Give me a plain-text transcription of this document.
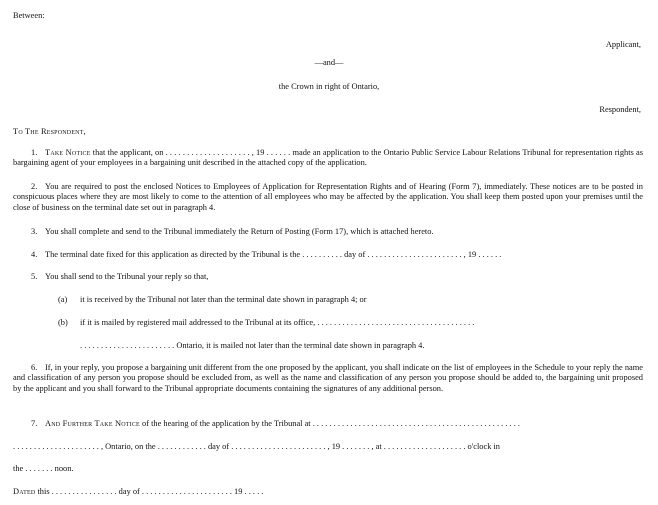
Between:
Applicant,
—and—
the Crown in right of Ontario,
Respondent,
To The Respondent,
1. Take Notice that the applicant, on . . . . . . . . . . . . . . . . . . . . , 19 . . . . . . made an application to the Ontario Public Service Labour Relations Tribunal for representation rights as bargaining agent of your employees in a bargaining unit described in the attached copy of the application.
2. You are required to post the enclosed Notices to Employees of Application for Representation Rights and of Hearing (Form 7), immediately. These notices are to be posted in conspicuous places where they are most likely to come to the attention of all employees who may be affected by the application. You shall keep them posted upon your premises until the close of business on the terminal date set out in paragraph 4.
3. You shall complete and send to the Tribunal immediately the Return of Posting (Form 17), which is attached hereto.
4. The terminal date fixed for this application as directed by the Tribunal is the . . . . . . . . . . day of . . . . . . . . . . . . . . . . . . . . . . . , 19 . . . . . .
5. You shall send to the Tribunal your reply so that,
(a) it is received by the Tribunal not later than the terminal date shown in paragraph 4; or
(b) if it is mailed by registered mail addressed to the Tribunal at its office, . . . . . . . . . . . . . . . . . . . . . . . . . . . . . . . . . . . . . .
. . . . . . . . . . . . . . . . . . . . . . . Ontario, it is mailed not later than the terminal date shown in paragraph 4.
6. If, in your reply, you propose a bargaining unit different from the one proposed by the applicant, you shall indicate on the list of employees in the Schedule to your reply the name and classification of any person you propose should be excluded from, as well as the name and classification of any person you propose should be added to, the bargaining unit proposed by the applicant and you shall forward to the Tribunal appropriate documents containing the signatures of any additional person.
7. And Further Take Notice of the hearing of the application by the Tribunal at . . . . . . . . . . . . . . . . . . . . . . . . . . . . . . . . . . . . . . . . . . . . . . . . . .
. . . . . . . . . . . . . . . . . . . . . , Ontario, on the . . . . . . . . . . . . day of . . . . . . . . . . . . . . . . . . . . . . . , 19 . . . . . . . , at . . . . . . . . . . . . . . . . . . . . o'clock in
the . . . . . . . noon.
Dated this . . . . . . . . . . . . . . . . day of . . . . . . . . . . . . . . . . . . . . . . 19 . . . . .
